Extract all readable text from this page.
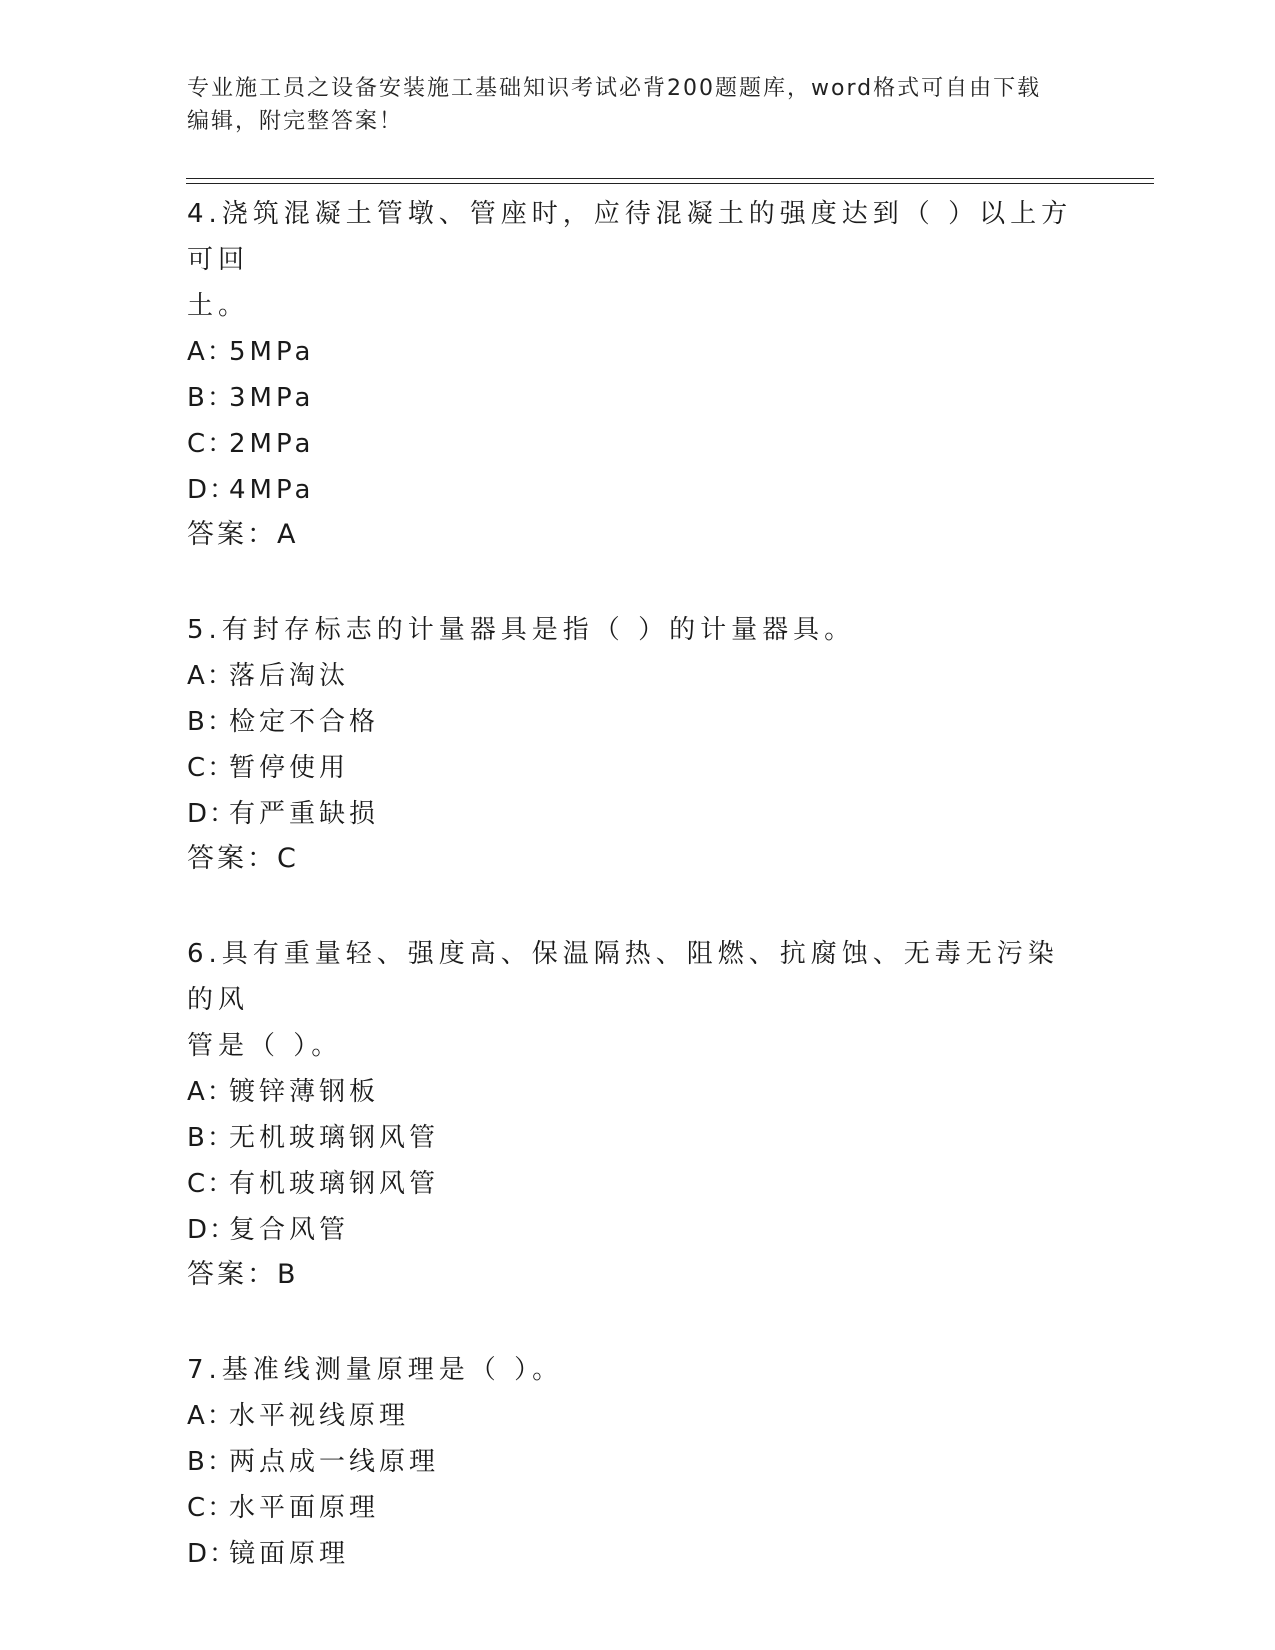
专业施工员之设备安装施工基础知识考试必背200题题库，word格式可自由下载
编辑，附完整答案！
4.浇筑混凝土管墩、管座时，应待混凝土的强度达到（ ）以上方可回
土。
A：5MPa
B：3MPa
C：2MPa
D：4MPa
答案：A
5.有封存标志的计量器具是指（ ）的计量器具。
A：落后淘汰
B：检定不合格
C：暂停使用
D：有严重缺损
答案：C
6.具有重量轻、强度高、保温隔热、阻燃、抗腐蚀、无毒无污染的风
管是（ ）。
A：镀锌薄钢板
B：无机玻璃钢风管
C：有机玻璃钢风管
D：复合风管
答案：B
7.基准线测量原理是（ ）。
A：水平视线原理
B：两点成一线原理
C：水平面原理
D：镜面原理
